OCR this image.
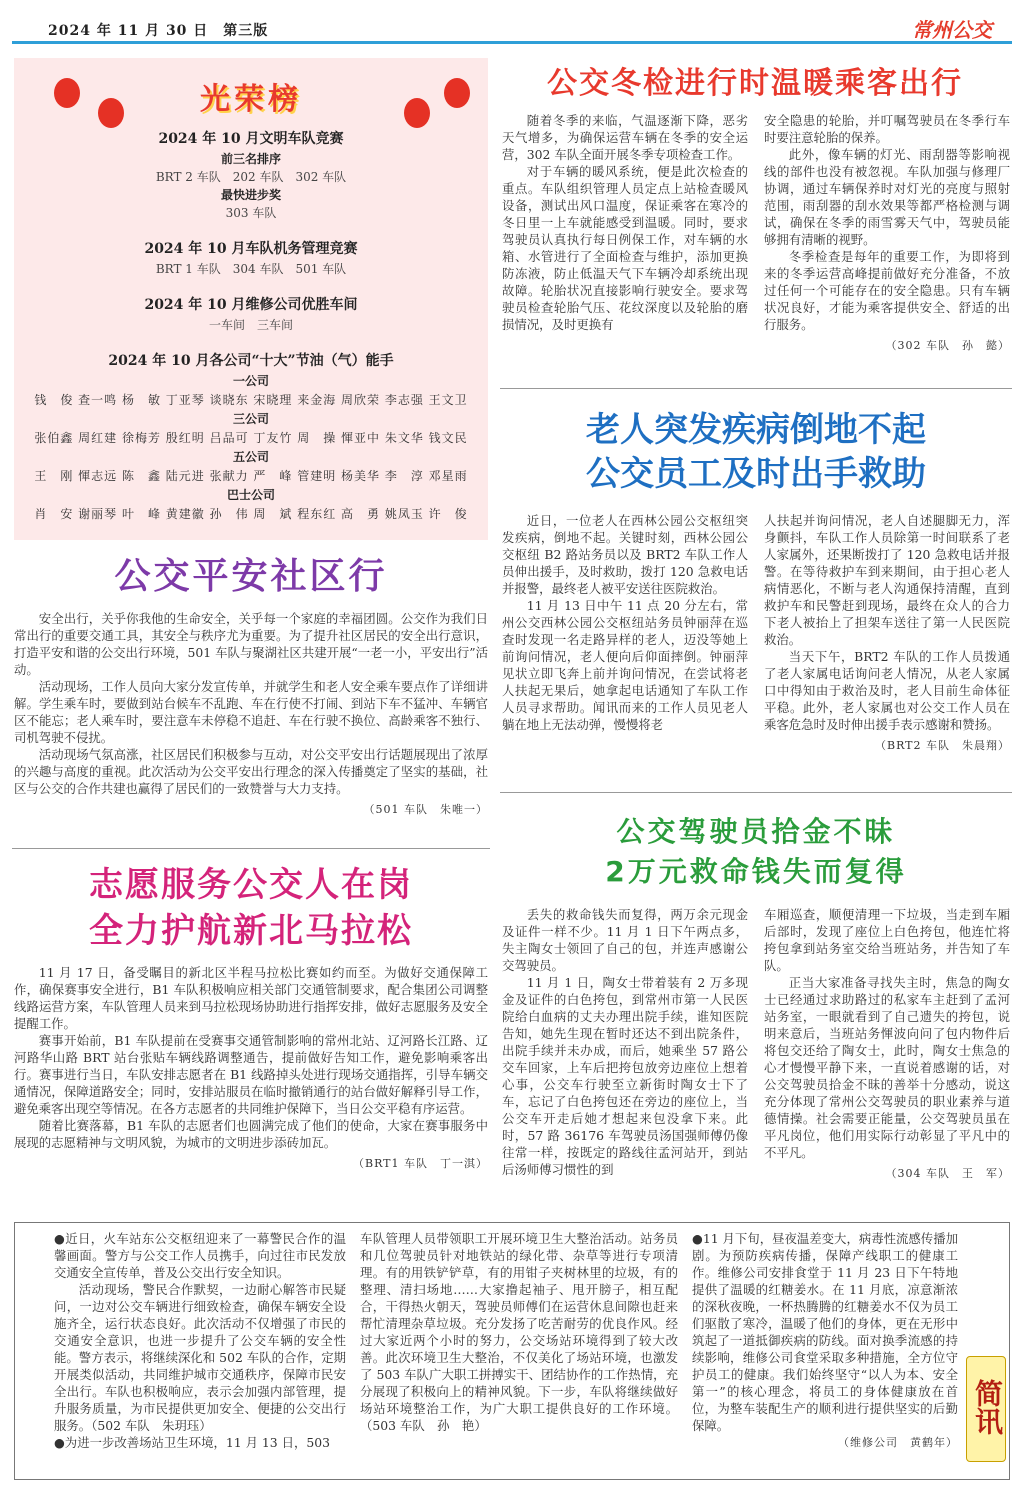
2024 年 11 月 30 日　第三版	常州公交
光荣榜
2024 年 10 月文明车队竞赛
前三名排序
BRT 2 车队　202 车队　302 车队
最快进步奖
303 车队
2024 年 10 月车队机务管理竞赛
BRT 1 车队　304 车队　501 车队
2024 年 10 月维修公司优胜车间
一车间　三车间
2024 年 10 月各公司“十大”节油（气）能手
一公司
钱　俊 查一鸣 杨　敏 丁亚琴 谈晓东 宋晓理 来金海 周欣荣 李志强 王文卫
三公司
张伯鑫 周红建 徐梅芳 殷红明 吕品可 丁友竹 周　操 惲亚中 朱文华 钱文民
五公司
王　刚 惲志远 陈　鑫 陆元进 张献力 严　峰 管建明 杨美华 李　淳 邓星雨
巴士公司
肖　安 谢丽琴 叶　峰 黄建徽 孙　伟 周　斌 程东红 高　勇 姚凤玉 许　俊
公交冬检进行时温暖乘客出行

随着冬季的来临，气温逐渐下降，恶劣天气增多，为确保运营车辆在冬季的安全运营，302 车队全面开展冬季专项检查工作。

对于车辆的暖风系统，便是此次检查的重点。车队组织管理人员定点上站检查暖风设备，测试出风口温度，保证乘客在寒冷的冬日里一上车就能感受到温暖。同时，要求驾驶员认真执行每日例保工作，对车辆的水箱、水管进行了全面检查与维护，添加更换防冻液，防止低温天气下车辆冷却系统出现故障。轮胎状况直接影响行驶安全。要求驾驶员检查轮胎气压、花纹深度以及轮胎的磨损情况，及时更换有

安全隐患的轮胎，并叮嘱驾驶员在冬季行车时要注意轮胎的保养。

此外，像车辆的灯光、雨刮器等影响视线的部件也没有被忽视。车队加强与修理厂协调，通过车辆保养时对灯光的亮度与照射范围，雨刮器的刮水效果等都严格检测与调试，确保在冬季的雨雪雾天气中，驾驶员能够拥有清晰的视野。

冬季检查是每年的重要工作，为即将到来的冬季运营高峰提前做好充分准备，不放过任何一个可能存在的安全隐患。只有车辆状况良好，才能为乘客提供安全、舒适的出行服务。

（302 车队　孙　懿）
老人突发疾病倒地不起
公交员工及时出手救助

近日，一位老人在西林公园公交枢纽突发疾病，倒地不起。关键时刻，西林公园公交枢纽 B2 路站务员以及 BRT2 车队工作人员伸出援手，及时救助，拨打 120 急救电话并报警，最终老人被平安送往医院救治。

11 月 13 日中午 11 点 20 分左右，常州公交西林公园公交枢纽站务员钟丽萍在巡查时发现一名走路异样的老人，迈没等她上前询问情况，老人便向后仰面摔倒。钟丽萍见状立即飞奔上前并询问情况，在尝试将老人扶起无果后，她拿起电话通知了车队工作人员寻求帮助。闻讯而来的工作人员见老人躺在地上无法动弹，慢慢将老

人扶起并询问情况，老人自述腿脚无力，浑身颤抖，车队工作人员除第一时间联系了老人家属外，还果断拨打了 120 急救电话并报警。在等待救护车到来期间，由于担心老人病情恶化，不断与老人沟通保持清醒，直到救护车和民警赶到现场，最终在众人的合力下老人被抬上了担架车送往了第一人民医院救治。

当天下午，BRT2 车队的工作人员拨通了老人家属电话询问老人情况，从老人家属口中得知由于救治及时，老人目前生命体征平稳。此外，老人家属也对公交工作人员在乘客危急时及时伸出援手表示感谢和赞扬。

（BRT2 车队　朱晨翔）
公交平安社区行

安全出行，关乎你我他的生命安全，关乎每一个家庭的幸福团圆。公交作为我们日常出行的重要交通工具，其安全与秩序尤为重要。为了提升社区居民的安全出行意识，打造平安和谐的公交出行环境，501 车队与聚湖社区共建开展“一老一小，平安出行”活动。

活动现场，工作人员向大家分发宣传单，并就学生和老人安全乘车要点作了详细讲解。学生乘车时，要做到站台候车不乱跑、车在行使不打闹、到站下车不猛冲、车辆官区不能忘；老人乘车时，要注意车未停稳不追赶、车在行驶不换位、高龄乘客不独行、司机驾驶不侵扰。

活动现场气氛高涨，社区居民们积极参与互动，对公交平安出行话题展现出了浓厚的兴趣与高度的重视。此次活动为公交平安出行理念的深入传播奠定了坚实的基础，社区与公交的合作共建也赢得了居民们的一致赞誉与大力支持。

（501 车队　朱唯一）
志愿服务公交人在岗
全力护航新北马拉松

11 月 17 日，备受瞩目的新北区半程马拉松比赛如约而至。为做好交通保障工作，确保赛事安全进行，B1 车队积极响应相关部门交通管制要求，配合集团公司调整线路运营方案，车队管理人员来到马拉松现场协助进行指挥安排，做好志愿服务及安全提醒工作。

赛事开始前，B1 车队提前在受赛事交通管制影响的常州北站、辽河路长江路、辽河路华山路 BRT 站台张贴车辆线路调整通告，提前做好告知工作，避免影响乘客出行。赛事进行当日，车队安排志愿者在 B1 线路掉头处进行现场交通指挥，引导车辆交通情况，保障道路安全；同时，安排站服员在临时撤销通行的站台做好解释引导工作，避免乘客出现空等情况。在各方志愿者的共同维护保障下，当日公交平稳有序运营。

随着比赛落幕，B1 车队的志愿者们也圆满完成了他们的使命，大家在赛事服务中展现的志愿精神与文明风貌，为城市的文明进步添砖加瓦。

（BRT1 车队　丁一淇）
公交驾驶员拾金不昧
2万元救命钱失而复得

丢失的救命钱失而复得，两万余元现金及证件一样不少。11 月 1 日下午两点多，失主陶女士领回了自己的包，并连声感谢公交驾驶员。

11 月 1 日，陶女士带着装有 2 万多现金及证件的白色挎包，到常州市第一人民医院给白血病的丈夫办理出院手续，谁知医院告知，她先生现在暂时还达不到出院条件，出院手续并未办成，而后，她乘坐 57 路公交车回家，上车后把挎包放旁边座位上想着心事，公交车行驶至立新街时陶女士下了车，忘记了白色挎包还在旁边的座位上，当公交车开走后她才想起来包没拿下来。此时，57 路 36176 车驾驶员汤国强师傅仍像往常一样，按既定的路线往孟河站开，到站后汤师傅习惯性的到

车厢巡查，顺便清理一下垃圾，当走到车厢后部时，发现了座位上白色挎包，他连忙将挎包拿到站务室交给当班站务，并告知了车队。

正当大家准备寻找失主时，焦急的陶女士已经通过求助路过的私家车主赶到了孟河站务室，一眼就看到了自己遗失的挎包，说明来意后，当班站务惲波向问了包内物件后将包交还给了陶女士，此时，陶女士焦急的心才慢慢平静下来，一直说着感谢的话，对公交驾驶员拾金不昧的善举十分感动，说这充分体现了常州公交驾驶员的职业素养与道德情操。社会需要正能量，公交驾驶员虽在平凡岗位，他们用实际行动彰显了平凡中的不平凡。

（304 车队　王　军）

●近日，火车站东公交枢纽迎来了一幕警民合作的温馨画面。警方与公交工作人员携手，向过往市民发放交通安全宣传单，普及公交出行安全知识。

活动现场，警民合作默契，一边耐心解答市民疑问，一边对公交车辆进行细致检查，确保车辆安全设施齐全，运行状态良好。此次活动不仅增强了市民的交通安全意识，也进一步提升了公交车辆的安全性能。警方表示，将继续深化和 502 车队的合作，定期开展类似活动，共同维护城市交通秩序，保障市民安全出行。车队也积极响应，表示会加强内部管理，提升服务质量，为市民提供更加安全、便捷的公交出行服务。（502 车队　朱玥珏）

●为进一步改善场站卫生环境，11 月 13 日，503

车队管理人员带领职工开展环境卫生大整治活动。站务员和几位驾驶员针对地铁站的绿化带、杂草等进行专项清理。有的用铁铲铲草，有的用钳子夹树林里的垃圾，有的整理、清扫场地……大家撸起袖子、甩开膀子，相互配合，干得热火朝天，驾驶员师傅们在运营休息间隙也赶来帮忙清理杂草垃圾。充分发扬了吃苦耐劳的优良作风。经过大家近两个小时的努力，公交场站环境得到了较大改善。此次环境卫生大整治，不仅美化了场站环境，也激发了 503 车队广大职工拼搏实干、团结协作的工作热情，充分展现了积极向上的精神风貌。下一步，车队将继续做好场站环境整治工作，为广大职工提供良好的工作环境。（503 车队　孙　艳）

●11 月下旬，昼夜温差变大，病毒性流感传播加剧。为预防疾病传播，保障产线职工的健康工作。维修公司安排食堂于 11 月 23 日下午特地提供了温暖的红糖姜水。在 11 月底，凉意渐浓的深秋夜晚，一杯热腾腾的红糖姜水不仅为员工们驱散了寒冷，温暖了他们的身体，更在无形中筑起了一道抵御疾病的防线。面对换季流感的持续影响，维修公司食堂采取多种措施，全方位守护员工的健康。我们始终坚守“以人为本、安全第一”的核心理念，将员工的身体健康放在首位，为整车装配生产的顺利进行提供坚实的后勤保障。

（维修公司　黄鹤年）
简讯
